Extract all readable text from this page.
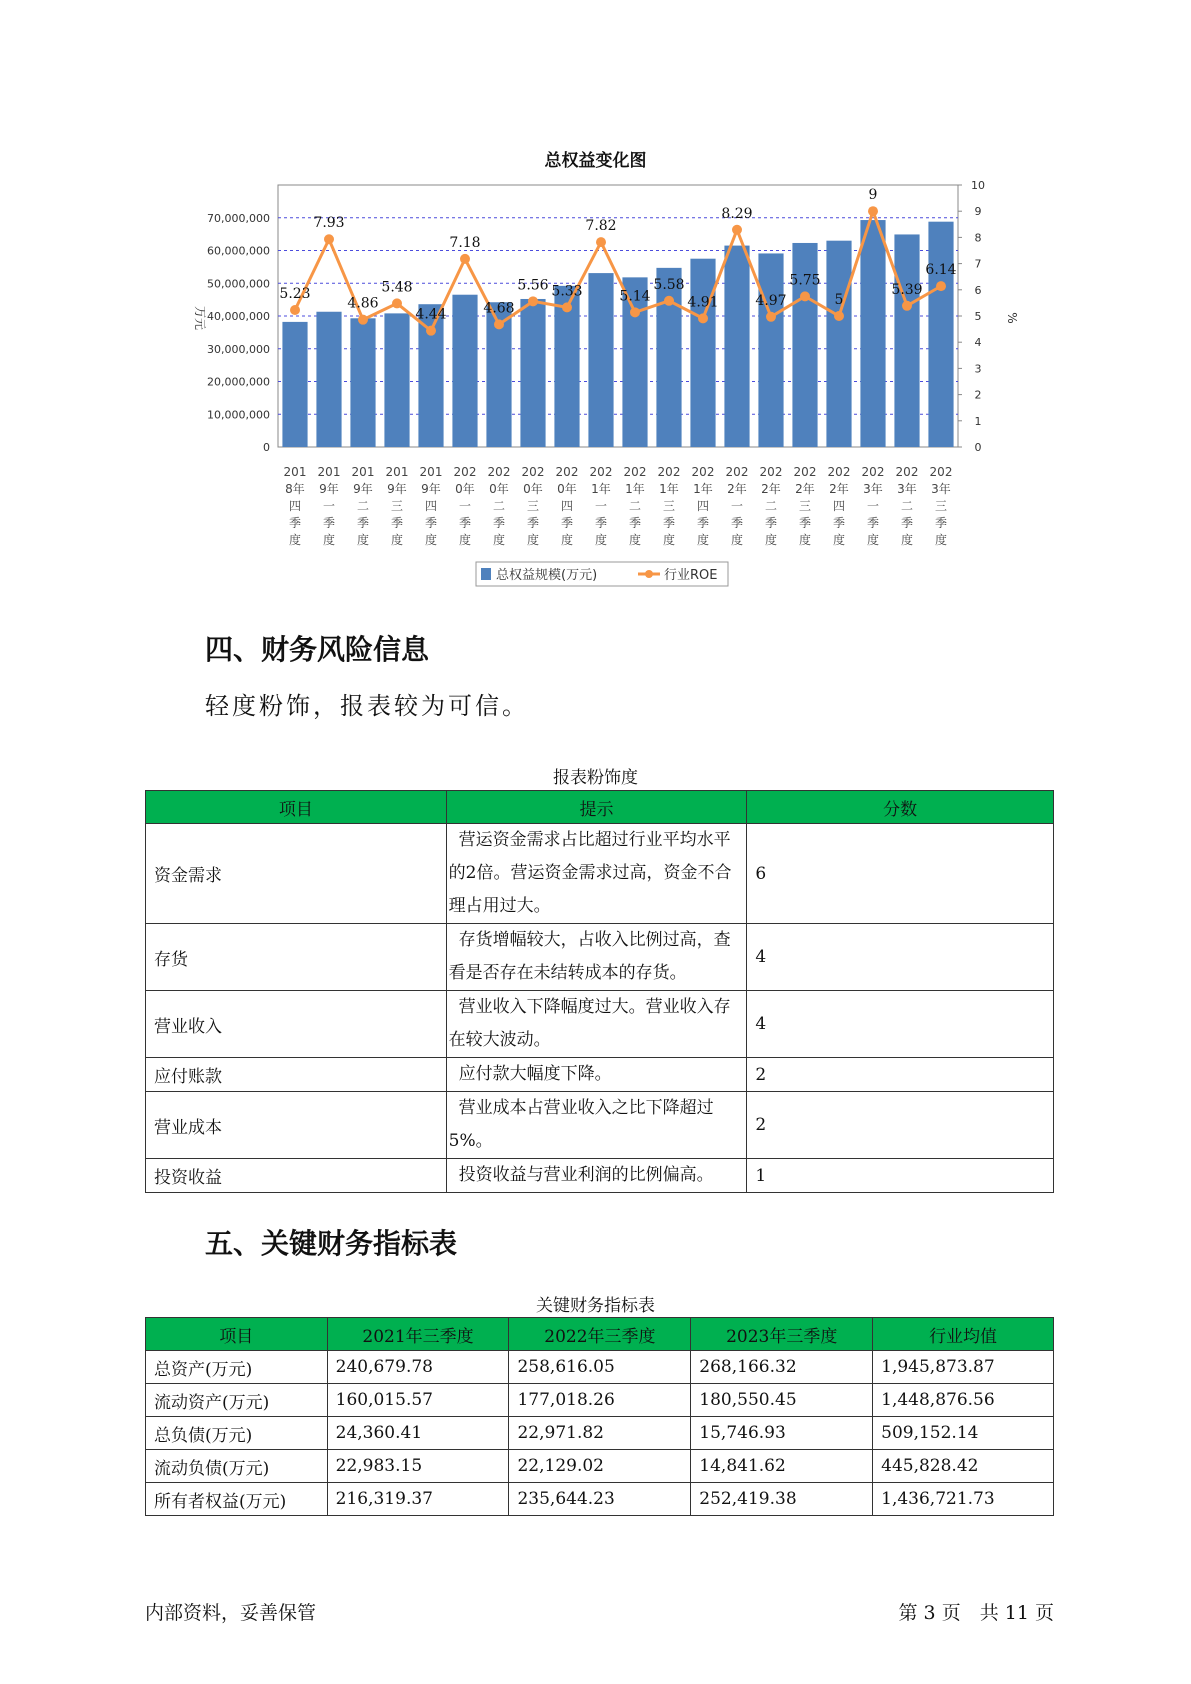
总权益变化图
0
10,000,000
20,000,000
30,000,000
40,000,000
50,000,000
60,000,000
70,000,000
0
1
2
3
4
5
6
7
8
9
10
万元	%
201
8年
四
季
度
201
9年
一
季
度
201
9年
二
季
度
201
9年
三
季
度
201
9年
四
季
度
202
0年
一
季
度
202
0年
二
季
度
202
0年
三
季
度
202
0年
四
季
度
202
1年
一
季
度
202
1年
二
季
度
202
1年
三
季
度
202
1年
四
季
度
202
2年
一
季
度
202
2年
二
季
度
202
2年
三
季
度
202
2年
四
季
度
202
3年
一
季
度
202
3年
二
季
度
202
3年
三
季
度
5.23
7.93
4.86
5.48
4.44
7.18
4.68
5.56 5.33
7.82
5.14
5.58
4.91
8.29
4.97
5.75
5
9
5.39
6.14
总权益规模(万元)	行业ROE
四、财务风险信息
轻度粉饰，报表较为可信。
报表粉饰度
项目	提示	分数
资金需求	营运资金需求占比超过行业平均水平的2倍。营运资金需求过高，资金不合理占用过大。	6
存货	存货增幅较大，占收入比例过高，查看是否存在未结转成本的存货。	4
营业收入	营业收入下降幅度过大。营业收入存在较大波动。	4
应付账款	应付款大幅度下降。	2
营业成本	营业成本占营业收入之比下降超过5%。	2
投资收益	投资收益与营业利润的比例偏高。	1
五、关键财务指标表
关键财务指标表
项目	2021年三季度	2022年三季度	2023年三季度	行业均值
总资产(万元)	240,679.78	258,616.05	268,166.32	1,945,873.87
流动资产(万元)	160,015.57	177,018.26	180,550.45	1,448,876.56
总负债(万元)	24,360.41	22,971.82	15,746.93	509,152.14
流动负债(万元)	22,983.15	22,129.02	14,841.62	445,828.42
所有者权益(万元)	216,319.37	235,644.23	252,419.38	1,436,721.73
内部资料，妥善保管	第 3 页　共 11 页
